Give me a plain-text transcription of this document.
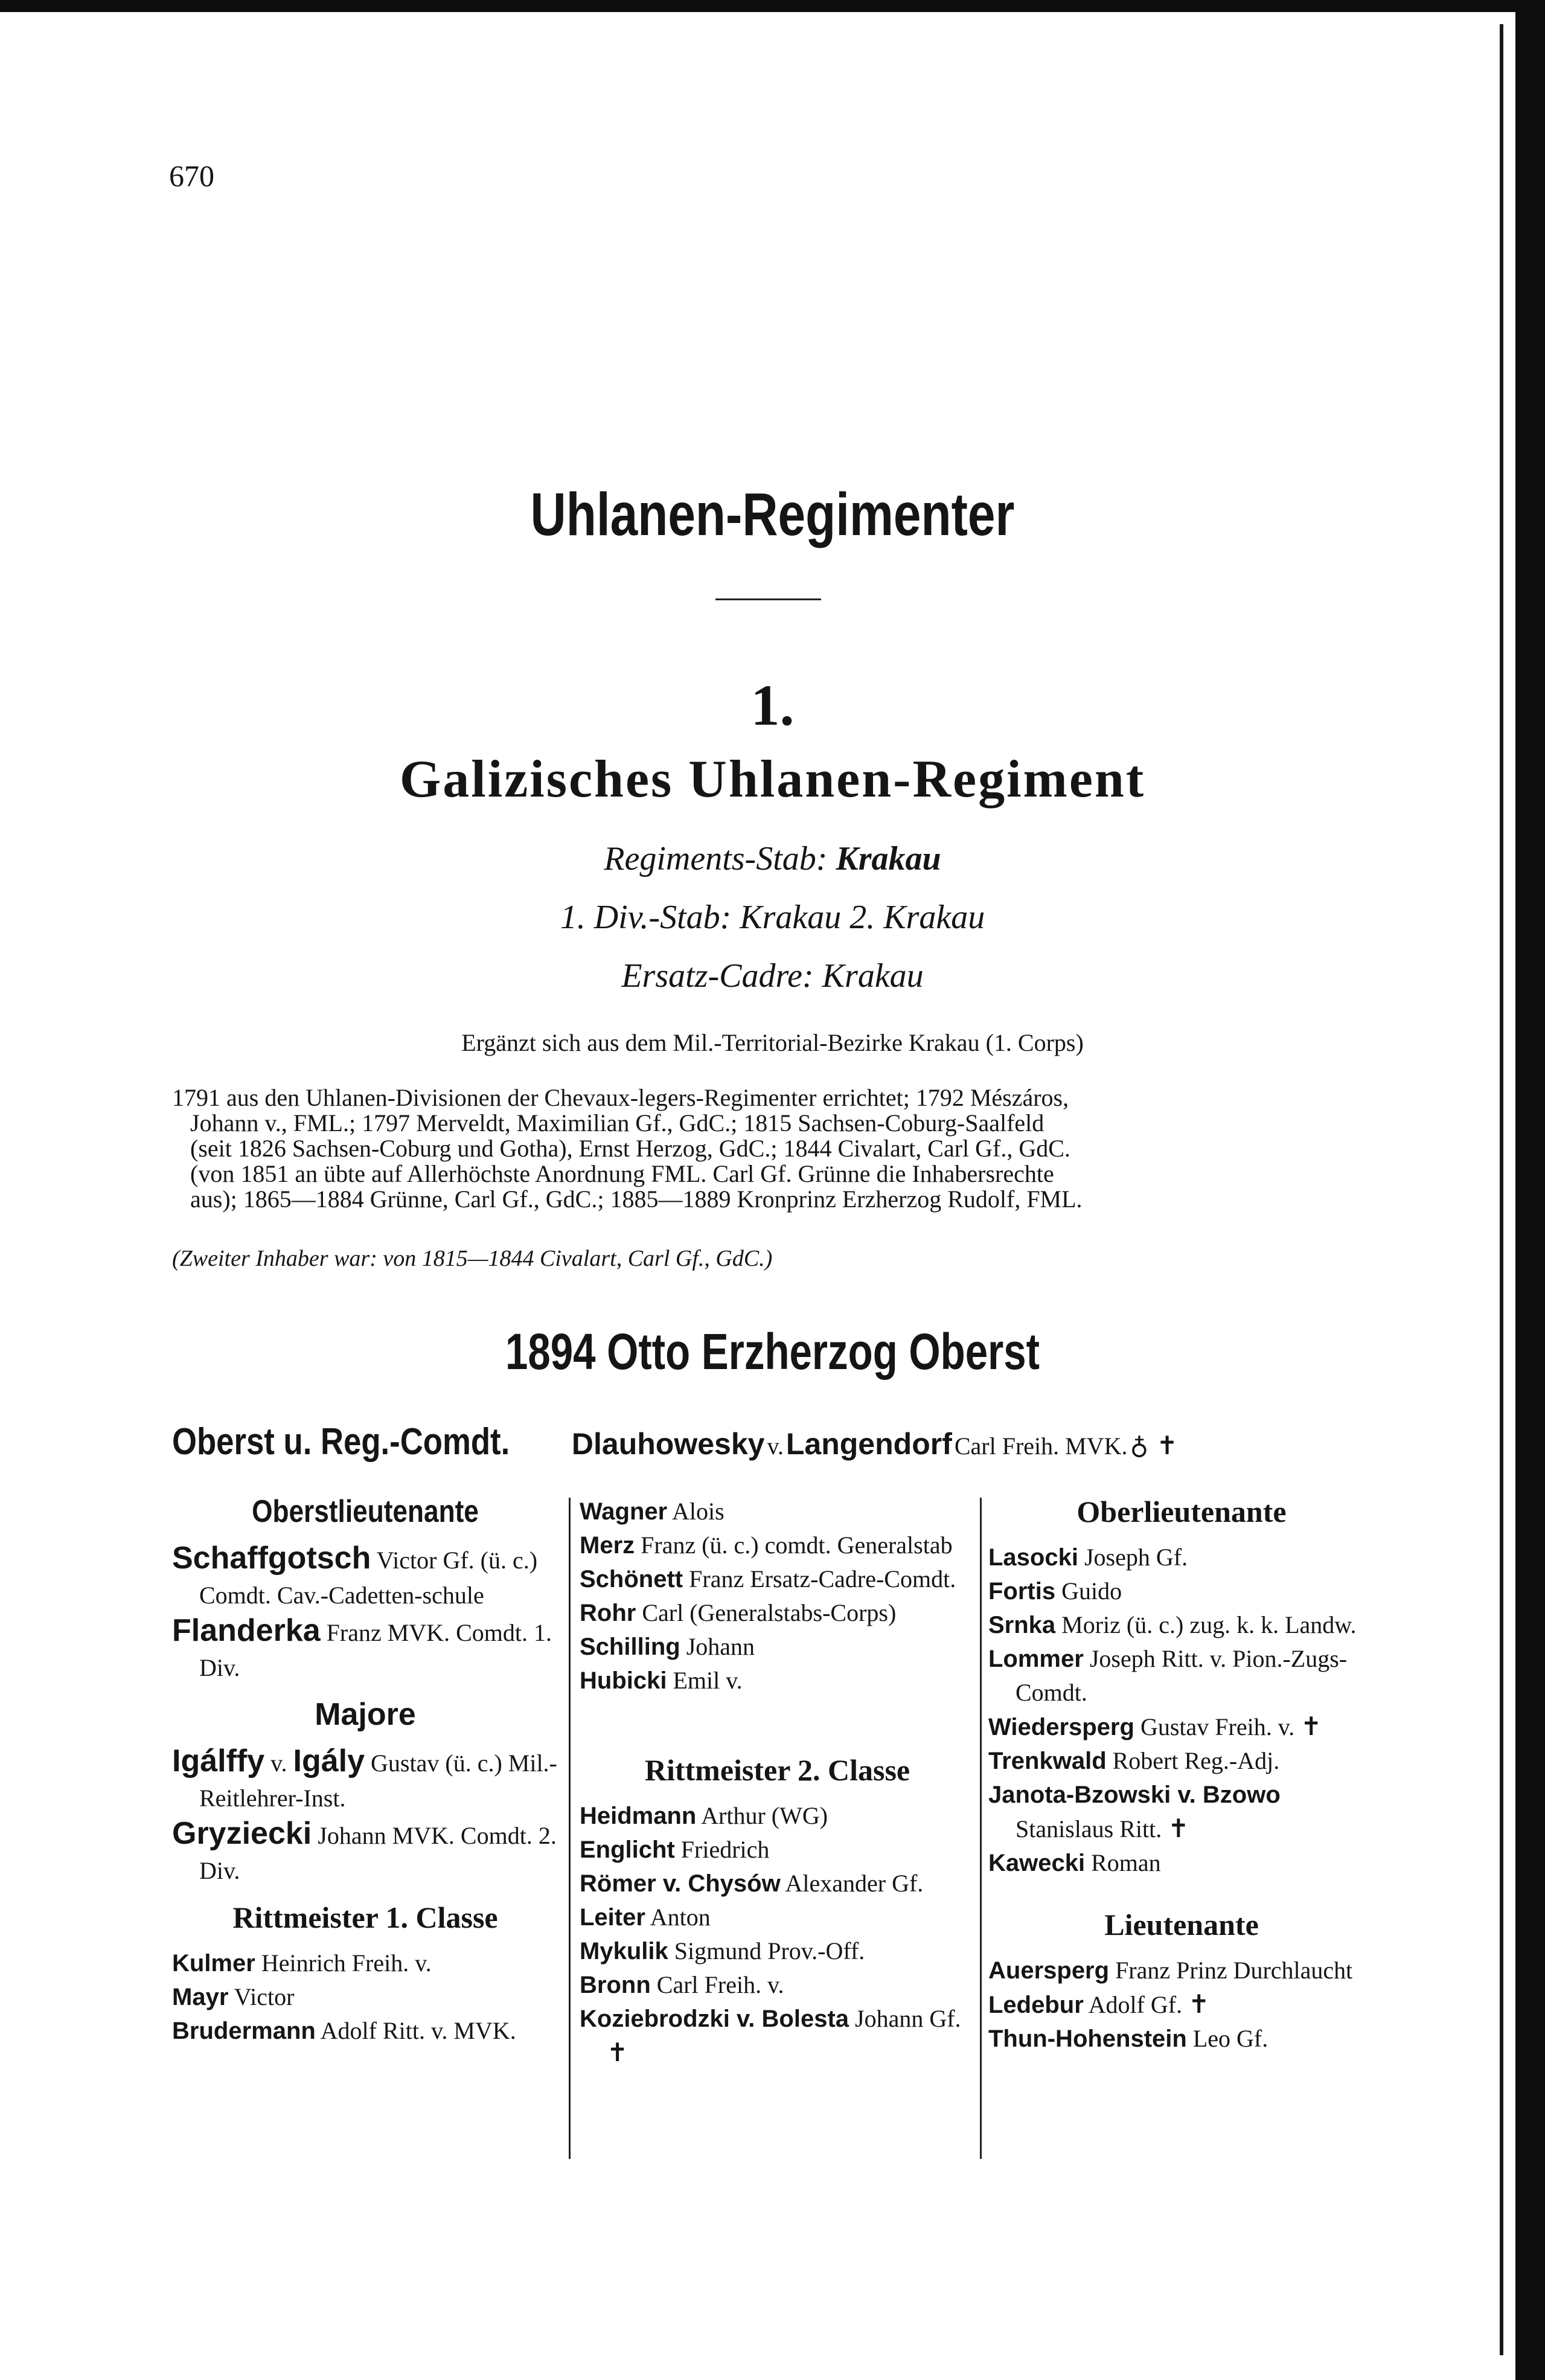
670
Uhlanen-Regimenter
1.
Galizisches Uhlanen-Regiment
Regiments-Stab: Krakau
1. Div.-Stab: Krakau 2. Krakau
Ersatz-Cadre: Krakau
Ergänzt sich aus dem Mil.-Territorial-Bezirke Krakau (1. Corps)
1791 aus den Uhlanen-Divisionen der Chevaux-legers-Regimenter errichtet; 1792 Mészáros,
Johann v., FML.; 1797 Merveldt, Maximilian Gf., GdC.; 1815 Sachsen-Coburg-Saalfeld
(seit 1826 Sachsen-Coburg und Gotha), Ernst Herzog, GdC.; 1844 Civalart, Carl Gf., GdC.
(von 1851 an übte auf Allerhöchste Anordnung FML. Carl Gf. Grünne die Inhabersrechte
aus); 1865—1884 Grünne, Carl Gf., GdC.; 1885—1889 Kronprinz Erzherzog Rudolf, FML.
(Zweiter Inhaber war: von 1815—1844 Civalart, Carl Gf., GdC.)
1894 Otto Erzherzog Oberst
Oberst u. Reg.-Comdt. Dlauhowesky v. Langendorf Carl Freih. MVK. ♁ ✝

Oberstlieutenante

Schaffgotsch Victor Gf. (ü. c.) Comdt. Cav.-Cadetten-schule

Flanderka Franz MVK. Comdt. 1. Div.

Majore

Igálffy v. Igály Gustav (ü. c.) Mil.-Reitlehrer-Inst.

Gryziecki Johann MVK. Comdt. 2. Div.

Rittmeister 1. Classe

Kulmer Heinrich Freih. v.

Mayr Victor

Brudermann Adolf Ritt. v. MVK.

Wagner Alois

Merz Franz (ü. c.) comdt. Generalstab

Schönett Franz Ersatz-Cadre-Comdt.

Rohr Carl (Generalstabs-Corps)

Schilling Johann

Hubicki Emil v.

Rittmeister 2. Classe

Heidmann Arthur (WG)

Englicht Friedrich

Römer v. Chysów Alexander Gf.

Leiter Anton

Mykulik Sigmund Prov.-Off.

Bronn Carl Freih. v.

Koziebrodzki v. Bolesta Johann Gf. ✝

Oberlieutenante

Lasocki Joseph Gf.

Fortis Guido

Srnka Moriz (ü. c.) zug. k. k. Landw.

Lommer Joseph Ritt. v. Pion.-Zugs-Comdt.

Wiedersperg Gustav Freih. v. ✝

Trenkwald Robert Reg.-Adj.

Janota-Bzowski v. Bzowo Stanislaus Ritt. ✝

Kawecki Roman

Lieutenante

Auersperg Franz Prinz Durchlaucht

Ledebur Adolf Gf. ✝

Thun-Hohenstein Leo Gf.
